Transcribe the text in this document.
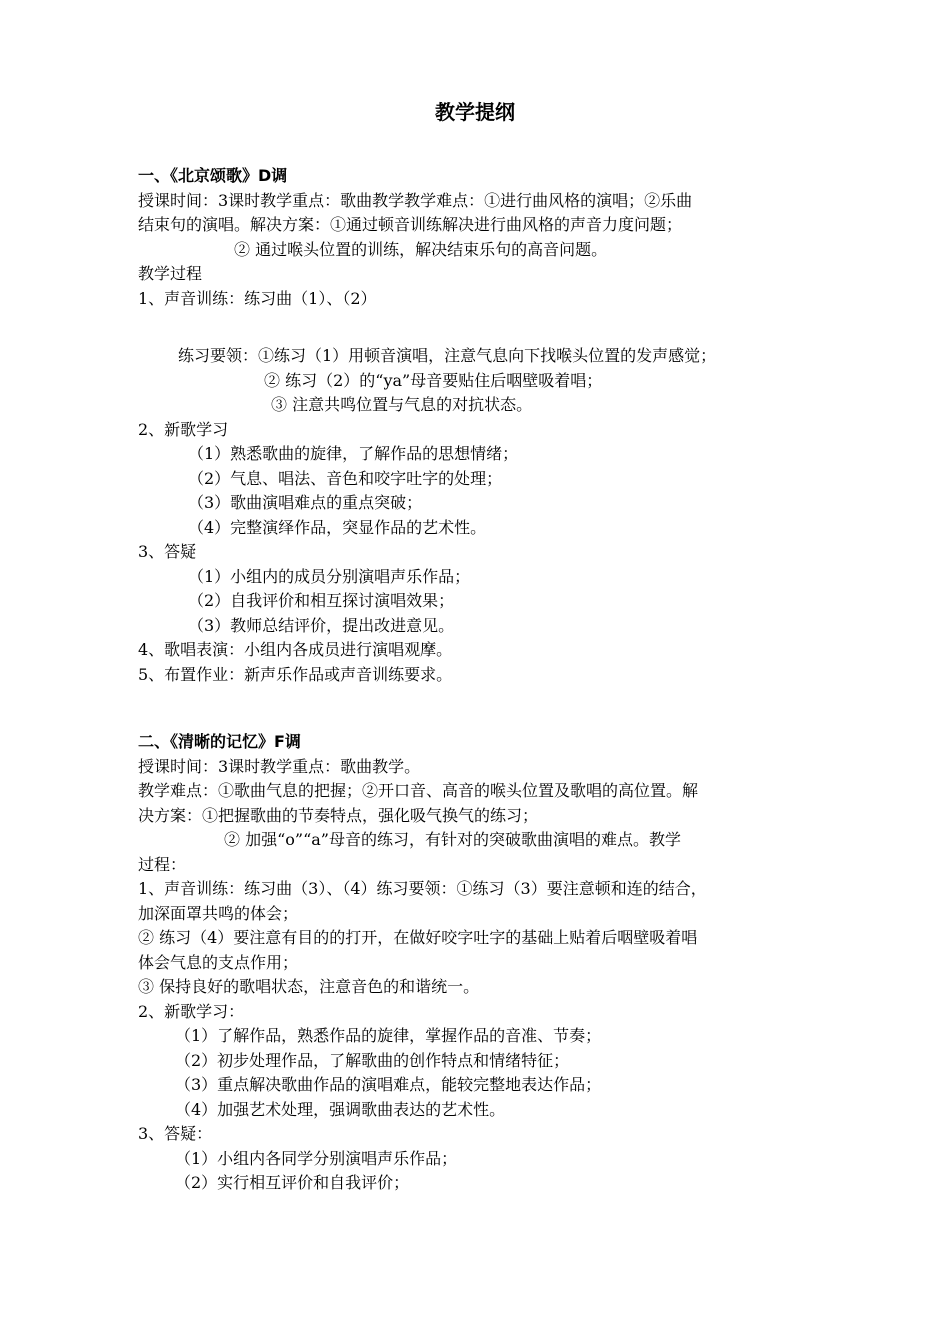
教学提纲

一、《北京颂歌》D调

授课时间：3课时教学重点：歌曲教学教学难点：①进行曲风格的演唱；②乐曲

结束句的演唱。解决方案：①通过顿音训练解决进行曲风格的声音力度问题；

② 通过喉头位置的训练，解决结束乐句的高音问题。

教学过程

1、声音训练：练习曲（1）、（2）

练习要领：①练习（1）用顿音演唱，注意气息向下找喉头位置的发声感觉；

② 练习（2）的“ya”母音要贴住后咽壁吸着唱；

③ 注意共鸣位置与气息的对抗状态。

2、新歌学习

（1）熟悉歌曲的旋律，了解作品的思想情绪；

（2）气息、唱法、音色和咬字吐字的处理；

（3）歌曲演唱难点的重点突破；

（4）完整演绎作品，突显作品的艺术性。

3、答疑

（1）小组内的成员分别演唱声乐作品；

（2）自我评价和相互探讨演唱效果；

（3）教师总结评价，提出改进意见。

4、歌唱表演：小组内各成员进行演唱观摩。

5、布置作业：新声乐作品或声音训练要求。

二、《清晰的记忆》F调

授课时间：3课时教学重点：歌曲教学。

教学难点：①歌曲气息的把握；②开口音、高音的喉头位置及歌唱的高位置。解

决方案：①把握歌曲的节奏特点，强化吸气换气的练习；

② 加强“o”“a”母音的练习，有针对的突破歌曲演唱的难点。教学

过程：

1、声音训练：练习曲（3）、（4）练习要领：①练习（3）要注意顿和连的结合，

加深面罩共鸣的体会；

② 练习（4）要注意有目的的打开，在做好咬字吐字的基础上贴着后咽壁吸着唱

体会气息的支点作用；

③ 保持良好的歌唱状态，注意音色的和谐统一。

2、新歌学习：

（1）了解作品，熟悉作品的旋律，掌握作品的音准、节奏；

（2）初步处理作品，了解歌曲的创作特点和情绪特征；

（3）重点解决歌曲作品的演唱难点，能较完整地表达作品；

（4）加强艺术处理，强调歌曲表达的艺术性。

3、答疑：

（1）小组内各同学分别演唱声乐作品；

（2）实行相互评价和自我评价；
